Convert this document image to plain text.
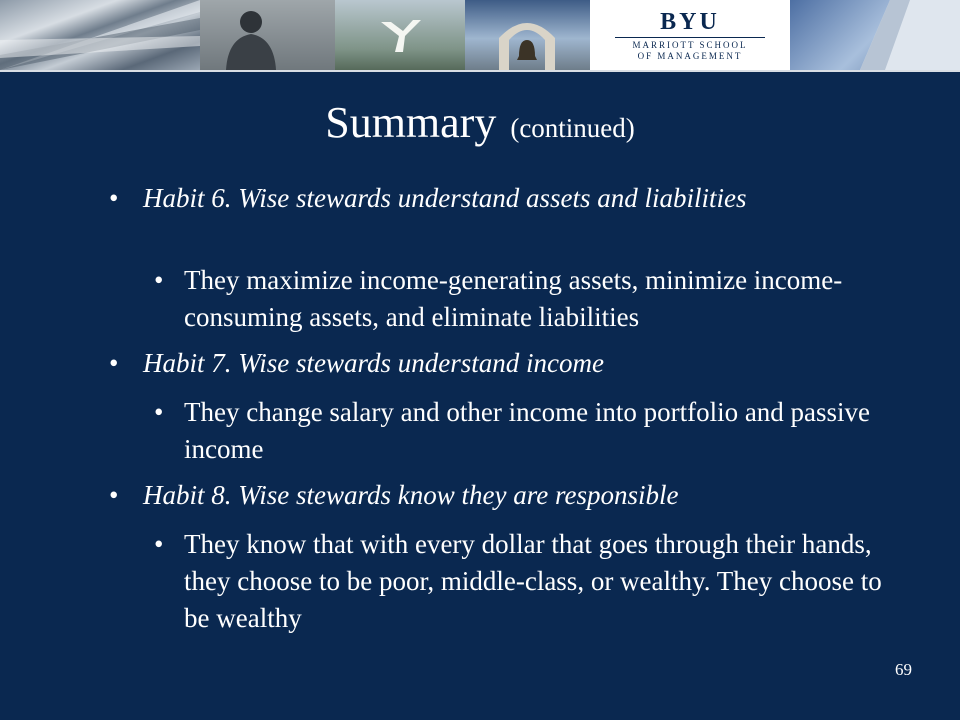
BYU
MARRIOTT SCHOOL
OF MANAGEMENT
Summary (continued)
• Habit 6. Wise stewards understand assets and liabilities
• They maximize income-generating assets, minimize income-consuming assets, and eliminate liabilities
• Habit 7. Wise stewards understand income
• They change salary and other income into portfolio and passive income
• Habit 8. Wise stewards know they are responsible
• They know that with every dollar that goes through their hands, they choose to be poor, middle-class, or wealthy. They choose to be wealthy
69
